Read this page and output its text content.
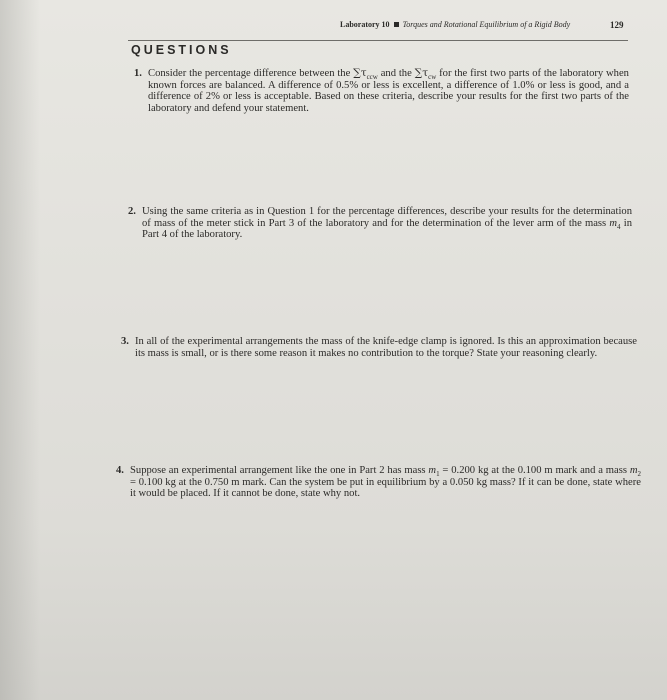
Laboratory 10 Torques and Rotational Equilibrium of a Rigid Body	129
QUESTIONS
1. Consider the percentage difference between the $\sum\tau_{ccw}$ and the $\sum\tau_{cw}$ for the first two parts of the laboratory when known forces are balanced. A difference of 0.5% or less is excellent, a difference of 1.0% or less is good, and a difference of 2% or less is acceptable. Based on these criteria, describe your results for the first two parts of the laboratory and defend your statement.

2. Using the same criteria as in Question 1 for the percentage differences, describe your results for the determination of mass of the meter stick in Part 3 of the laboratory and for the determination of the lever arm of the mass $m_4$ in Part 4 of the laboratory.

3. In all of the experimental arrangements the mass of the knife-edge clamp is ignored. Is this an approximation because its mass is small, or is there some reason it makes no contribution to the torque? State your reasoning clearly.

4. Suppose an experimental arrangement like the one in Part 2 has mass $m_1 = 0.200$ kg at the 0.100 m mark and a mass $m_2 = 0.100$ kg at the 0.750 m mark. Can the system be put in equilibrium by a 0.050 kg mass? If it can be done, state where it would be placed. If it cannot be done, state why not.
